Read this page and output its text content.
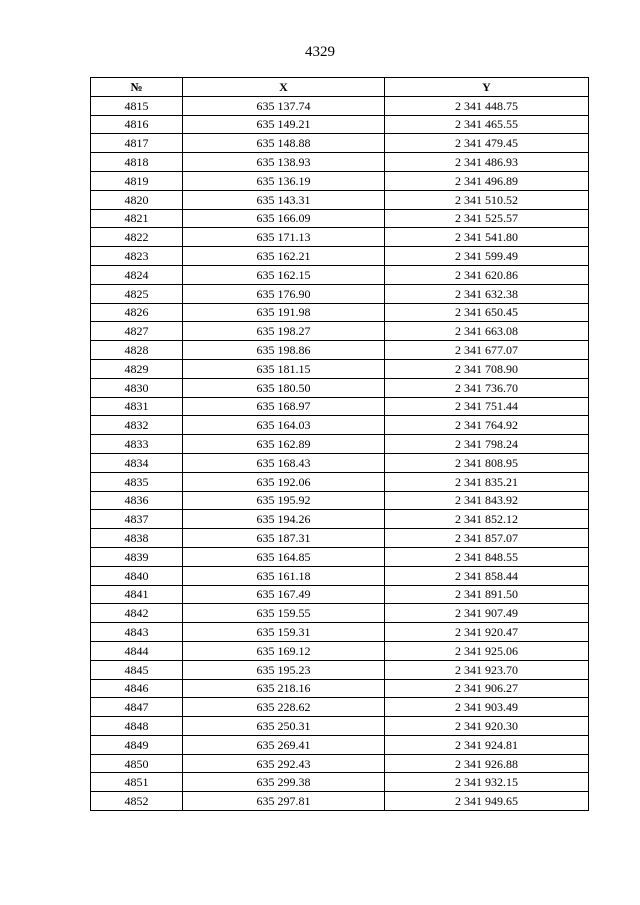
4329
№	X	Y
4815	635 137.74	2 341 448.75
4816	635 149.21	2 341 465.55
4817	635 148.88	2 341 479.45
4818	635 138.93	2 341 486.93
4819	635 136.19	2 341 496.89
4820	635 143.31	2 341 510.52
4821	635 166.09	2 341 525.57
4822	635 171.13	2 341 541.80
4823	635 162.21	2 341 599.49
4824	635 162.15	2 341 620.86
4825	635 176.90	2 341 632.38
4826	635 191.98	2 341 650.45
4827	635 198.27	2 341 663.08
4828	635 198.86	2 341 677.07
4829	635 181.15	2 341 708.90
4830	635 180.50	2 341 736.70
4831	635 168.97	2 341 751.44
4832	635 164.03	2 341 764.92
4833	635 162.89	2 341 798.24
4834	635 168.43	2 341 808.95
4835	635 192.06	2 341 835.21
4836	635 195.92	2 341 843.92
4837	635 194.26	2 341 852.12
4838	635 187.31	2 341 857.07
4839	635 164.85	2 341 848.55
4840	635 161.18	2 341 858.44
4841	635 167.49	2 341 891.50
4842	635 159.55	2 341 907.49
4843	635 159.31	2 341 920.47
4844	635 169.12	2 341 925.06
4845	635 195.23	2 341 923.70
4846	635 218.16	2 341 906.27
4847	635 228.62	2 341 903.49
4848	635 250.31	2 341 920.30
4849	635 269.41	2 341 924.81
4850	635 292.43	2 341 926.88
4851	635 299.38	2 341 932.15
4852	635 297.81	2 341 949.65
